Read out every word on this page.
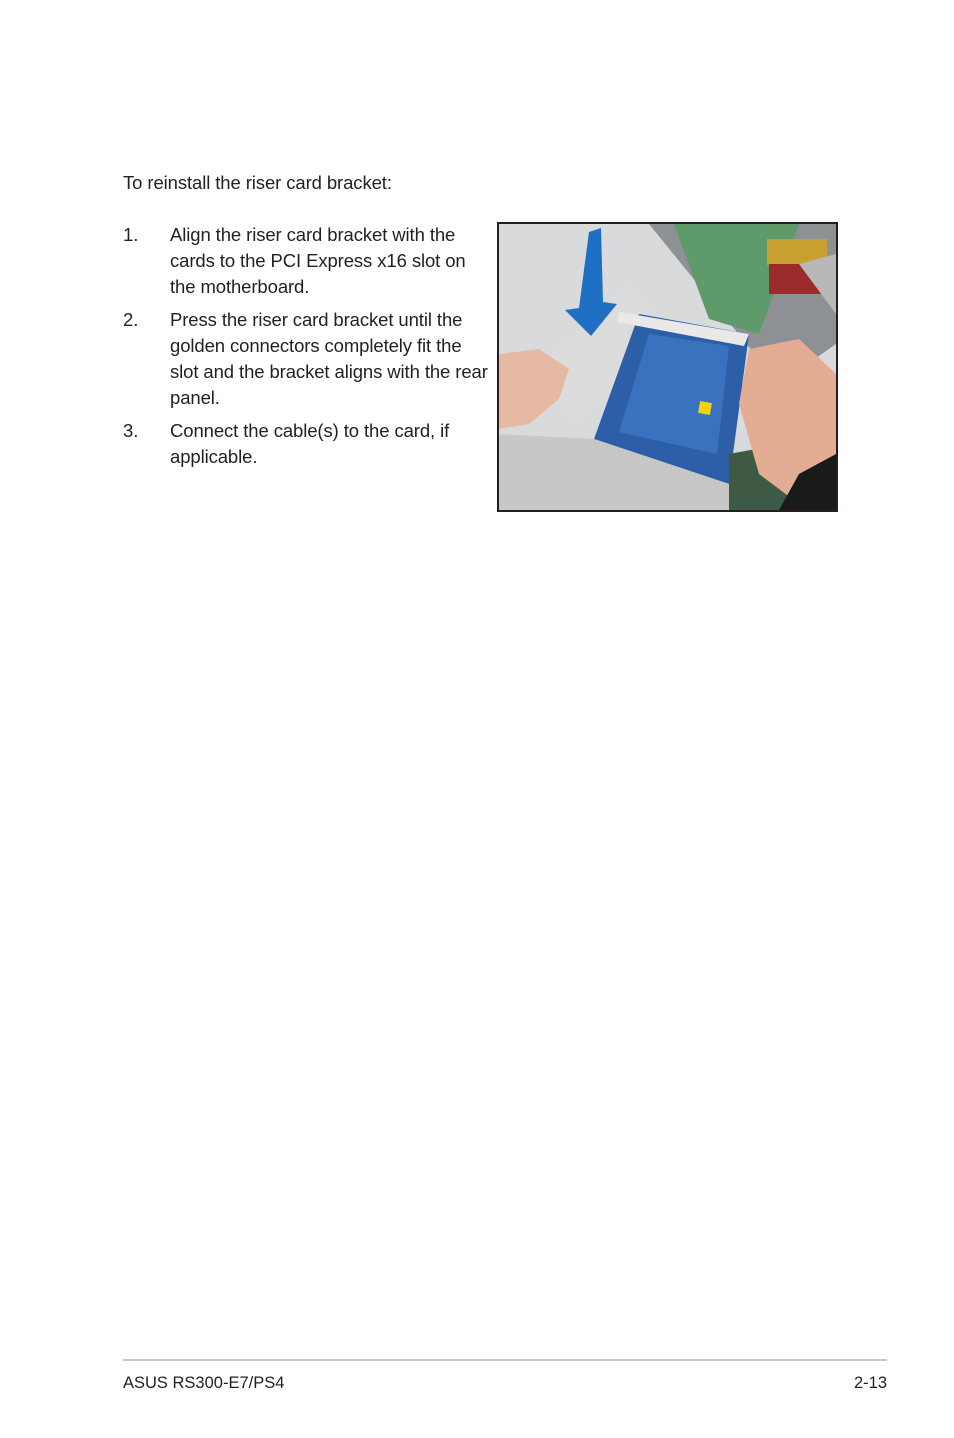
To reinstall the riser card bracket:
1. Align the riser card bracket with the cards to the PCI Express x16 slot on the motherboard.
2. Press the riser card bracket until the golden connectors completely fit the slot and the bracket aligns with the rear panel.
3. Connect the cable(s) to the card, if applicable.
ASUS RS300-E7/PS4	2-13
